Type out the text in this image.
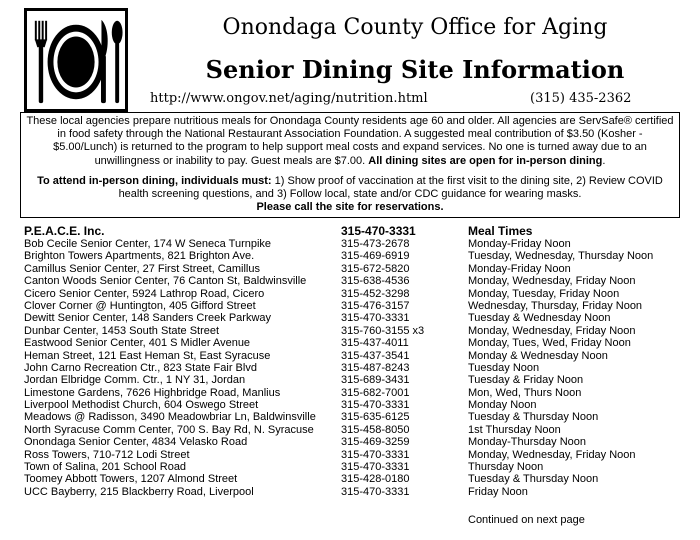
Onondaga County Office for Aging
Senior Dining Site Information
http://www.ongov.net/aging/nutrition.html	(315) 435-2362

These local agencies prepare nutritious meals for Onondaga County residents age 60 and older. All agencies are ServSafe® certified in food safety through the National Restaurant Association Foundation. A suggested meal contribution of $3.50 (Kosher - $5.00/Lunch) is returned to the program to help support meal costs and expand services. No one is turned away due to an unwillingness or inability to pay. Guest meals are $7.00. All dining sites are open for in-person dining.

To attend in-person dining, individuals must: 1) Show proof of vaccination at the first visit to the dining site, 2) Review COVID health screening questions, and 3) Follow local, state and/or CDC guidance for wearing masks.

Please call the site for reservations.

P.E.A.C.E. Inc.	315-470-3331	Meal Times
Bob Cecile Senior Center, 174 W Seneca Turnpike	315-473-2678	Monday-Friday Noon
Brighton Towers Apartments, 821 Brighton Ave.	315-469-6919	Tuesday, Wednesday, Thursday Noon
Camillus Senior Center, 27 First Street, Camillus	315-672-5820	Monday-Friday Noon
Canton Woods Senior Center, 76 Canton St, Baldwinsville	315-638-4536	Monday, Wednesday, Friday Noon
Cicero Senior Center, 5924 Lathrop Road, Cicero	315-452-3298	Monday, Tuesday, Friday Noon
Clover Corner @ Huntington, 405 Gifford Street	315-476-3157	Wednesday, Thursday, Friday Noon
Dewitt Senior Center, 148 Sanders Creek Parkway	315-470-3331	Tuesday & Wednesday Noon
Dunbar Center, 1453 South State Street	315-760-3155 x3	Monday, Wednesday, Friday Noon
Eastwood Senior Center, 401 S Midler Avenue	315-437-4011	Monday, Tues, Wed, Friday Noon
Heman Street, 121 East Heman St, East Syracuse	315-437-3541	Monday & Wednesday Noon
John Carno Recreation Ctr., 823 State Fair Blvd	315-487-8243	Tuesday Noon
Jordan Elbridge Comm. Ctr., 1 NY 31, Jordan	315-689-3431	Tuesday & Friday Noon
Limestone Gardens, 7626 Highbridge Road, Manlius	315-682-7001	Mon, Wed, Thurs Noon
Liverpool Methodist Church, 604 Oswego Street	315-470-3331	Monday Noon
Meadows @ Radisson, 3490 Meadowbriar Ln, Baldwinsville 315-635-6125	Tuesday & Thursday Noon
North Syracuse Comm Center, 700 S. Bay Rd, N. Syracuse 315-458-8050	1st Thursday Noon
Onondaga Senior Center, 4834 Velasko Road	315-469-3259	Monday-Thursday Noon
Ross Towers, 710-712 Lodi Street	315-470-3331	Monday, Wednesday, Friday Noon
Town of Salina, 201 School Road	315-470-3331	Thursday Noon
Toomey Abbott Towers, 1207 Almond Street	315-428-0180	Tuesday & Thursday Noon
UCC Bayberry, 215 Blackberry Road, Liverpool	315-470-3331	Friday Noon
Continued on next page
